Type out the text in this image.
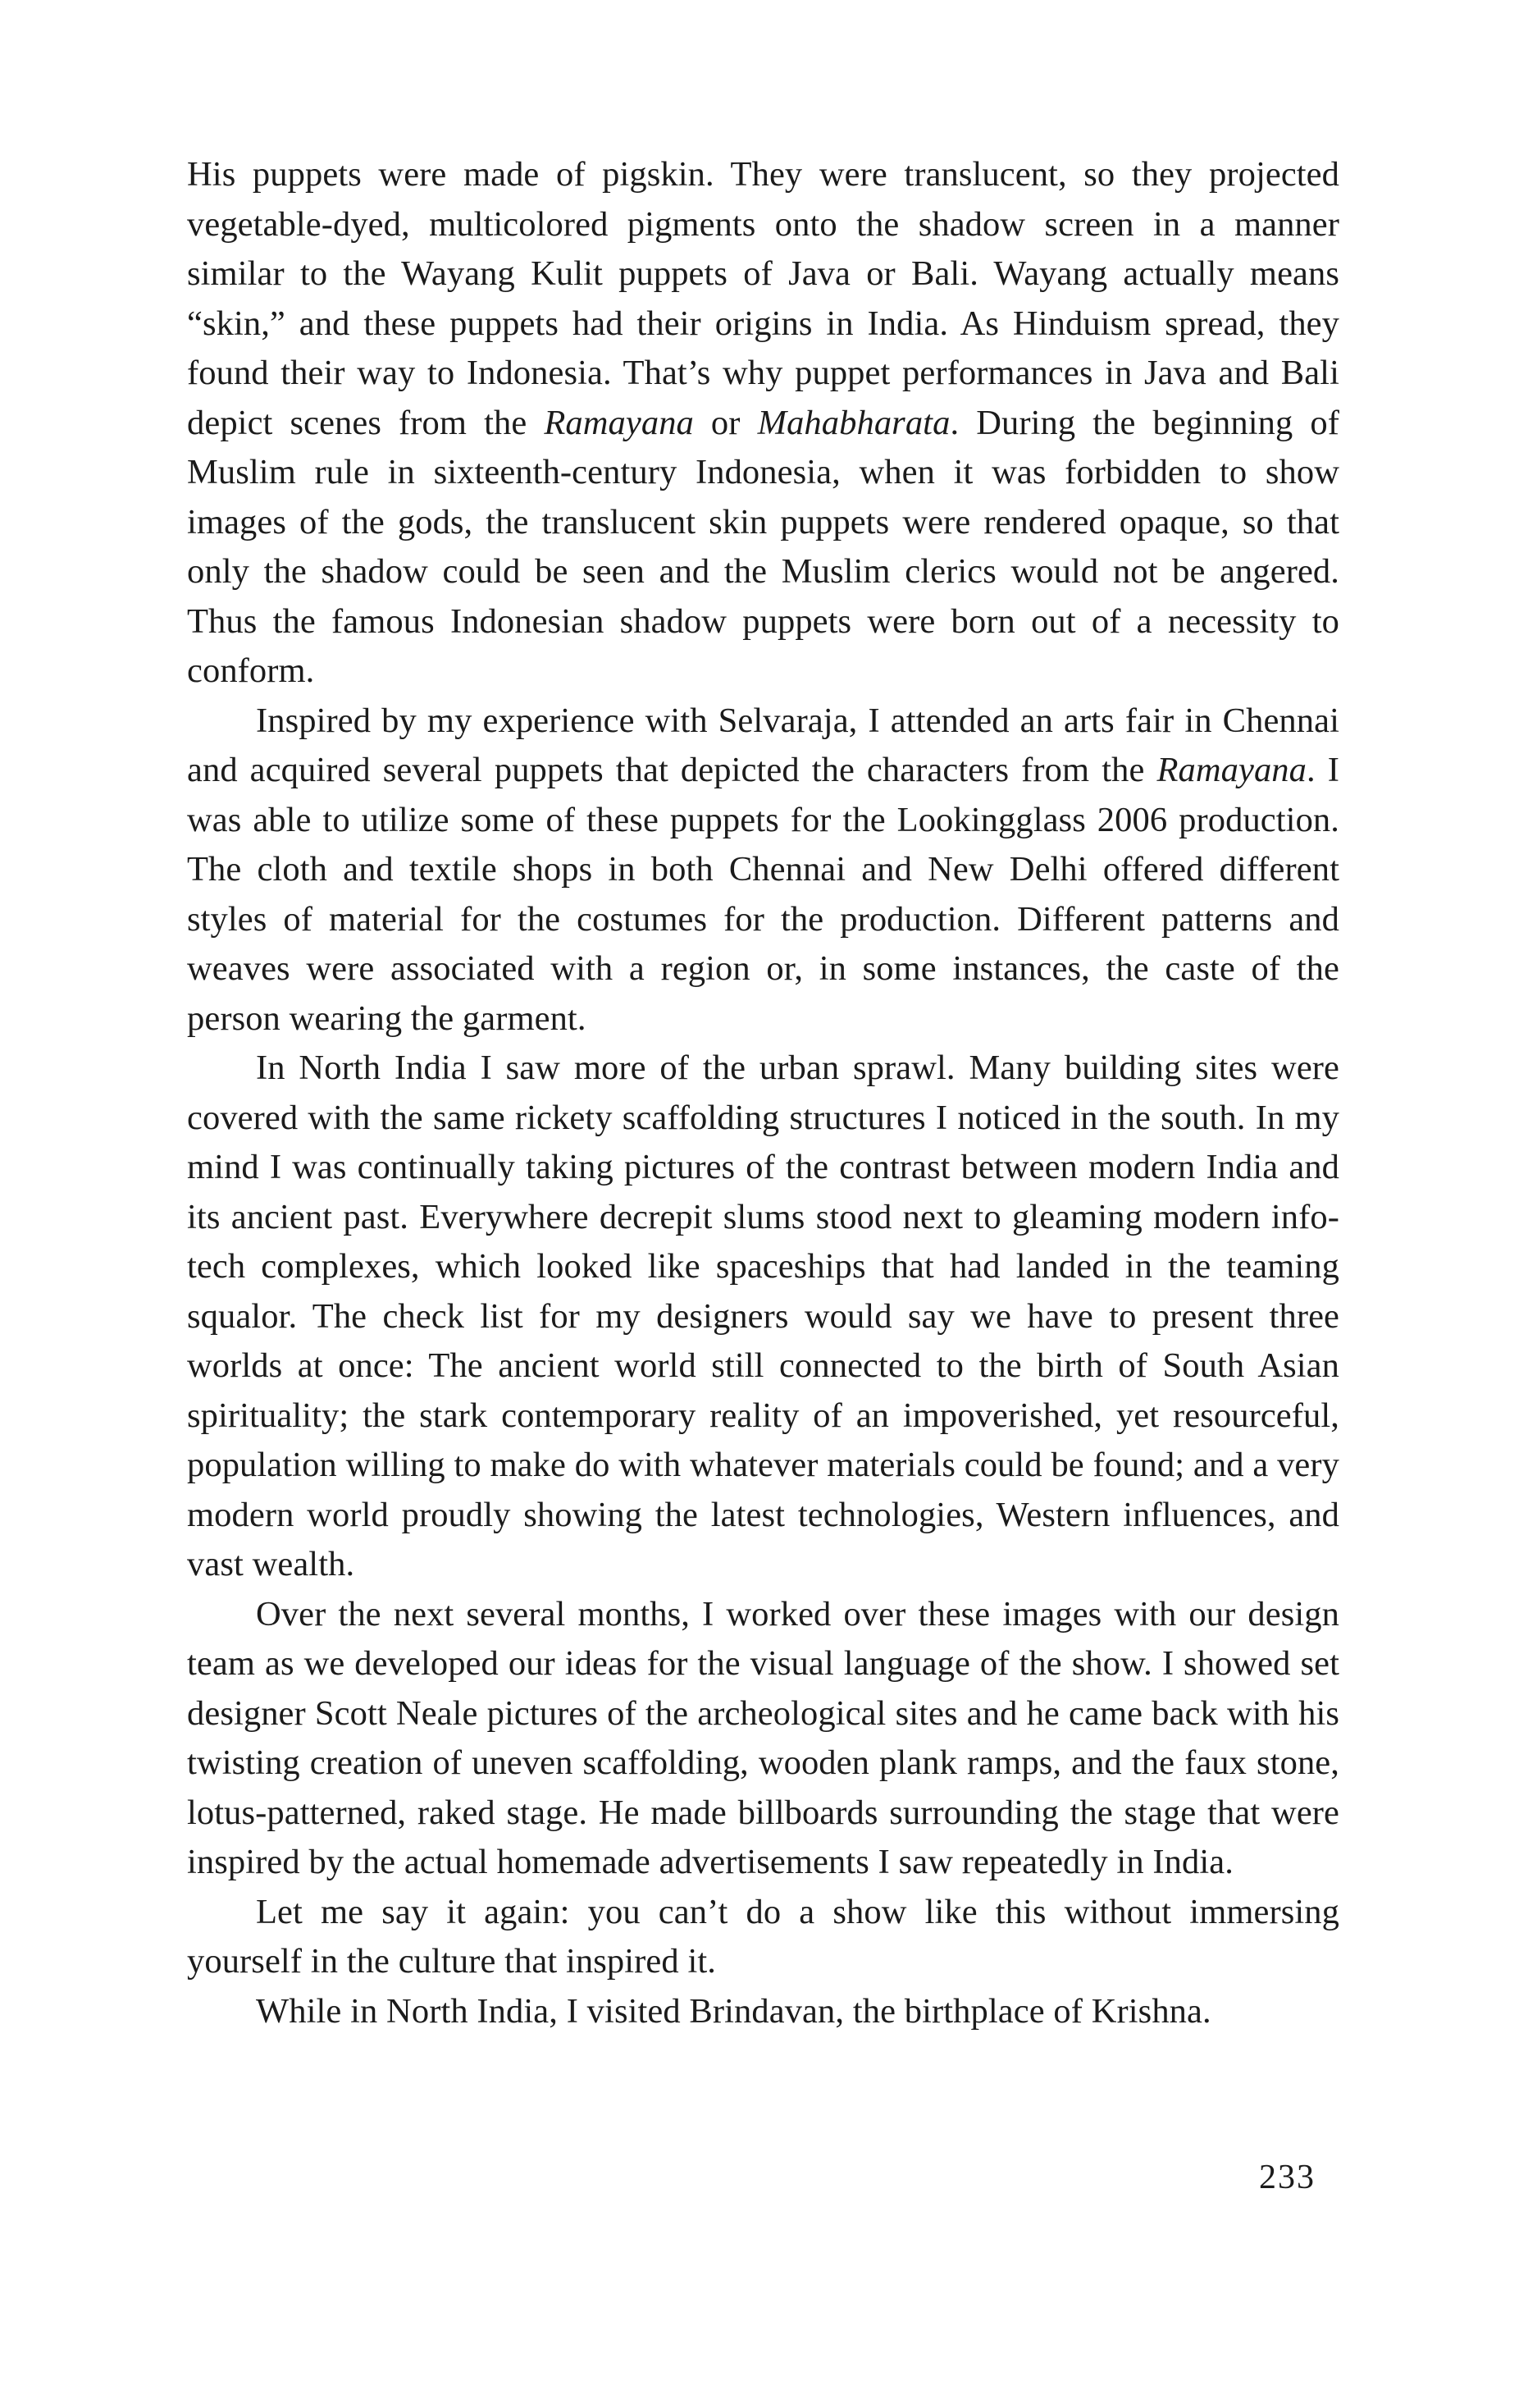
His puppets were made of pigskin. They were translucent, so they projected vegetable-dyed, multicolored pigments onto the shadow screen in a manner similar to the Wayang Kulit puppets of Java or Bali. Wayang actually means “skin,” and these puppets had their origins in India. As Hinduism spread, they found their way to Indonesia. That’s why puppet performances in Java and Bali depict scenes from the Ramayana or Mahabharata. During the beginning of Muslim rule in sixteenth-century Indonesia, when it was forbidden to show images of the gods, the translucent skin puppets were rendered opaque, so that only the shadow could be seen and the Muslim clerics would not be angered. Thus the famous Indonesian shadow puppets were born out of a necessity to conform.

Inspired by my experience with Selvaraja, I attended an arts fair in Chennai and acquired several puppets that depicted the characters from the Ramayana. I was able to utilize some of these puppets for the Lookingglass 2006 production. The cloth and textile shops in both Chennai and New Delhi offered different styles of material for the costumes for the production. Different patterns and weaves were associated with a region or, in some instances, the caste of the person wearing the garment.

In North India I saw more of the urban sprawl. Many building sites were covered with the same rickety scaffolding structures I noticed in the south. In my mind I was continually taking pictures of the contrast between modern India and its ancient past. Everywhere decrepit slums stood next to gleaming modern info-tech complexes, which looked like spaceships that had landed in the teaming squalor. The check list for my designers would say we have to present three worlds at once: The ancient world still connected to the birth of South Asian spirituality; the stark contemporary reality of an impoverished, yet resourceful, population willing to make do with whatever materials could be found; and a very modern world proudly showing the latest technologies, Western influences, and vast wealth.

Over the next several months, I worked over these images with our design team as we developed our ideas for the visual language of the show. I showed set designer Scott Neale pictures of the archeological sites and he came back with his twisting creation of uneven scaffolding, wooden plank ramps, and the faux stone, lotus-patterned, raked stage. He made billboards surrounding the stage that were inspired by the actual homemade advertisements I saw repeatedly in India.

Let me say it again: you can’t do a show like this without immersing yourself in the culture that inspired it.

While in North India, I visited Brindavan, the birthplace of Krishna.

233
